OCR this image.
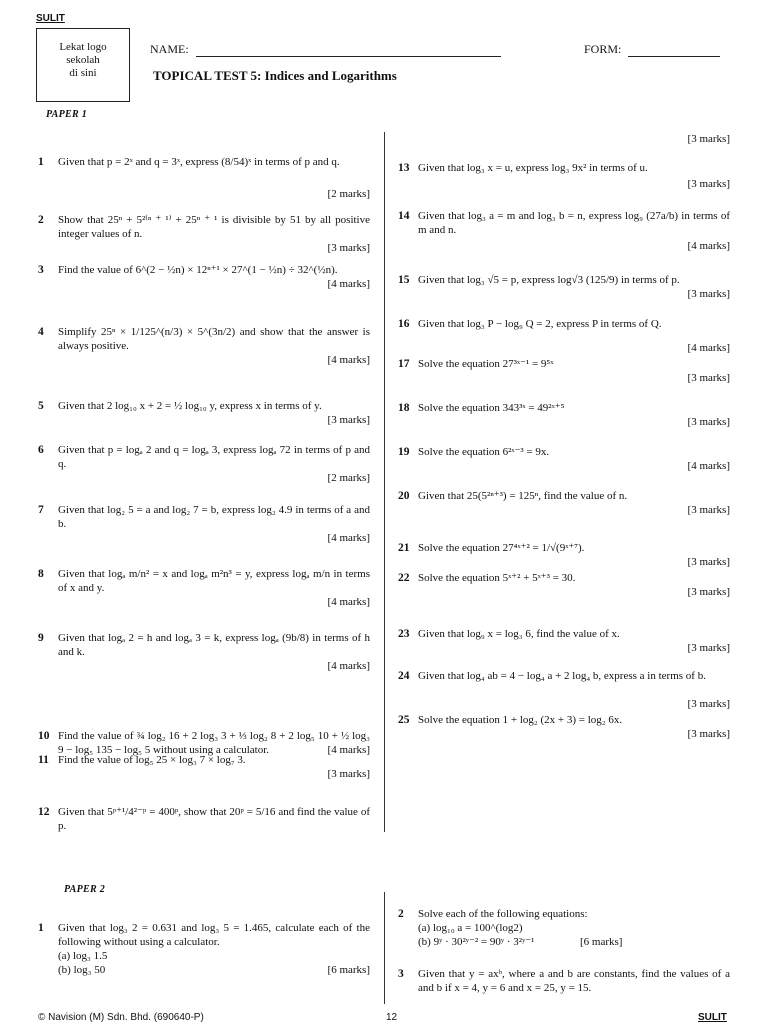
SULIT
Lekat logo
sekolah
di sini
NAME:	FORM:
TOPICAL TEST 5: Indices and Logarithms
PAPER 1
1 Given that p = 2ˣ and q = 3ˣ, express (8/54)ˣ in terms of p and q.
[2 marks]
2 Show that 25ⁿ + 5²⁽ⁿ ⁺ ¹⁾ + 25ⁿ ⁺ ¹ is divisible by 51 by all positive integer values of n.
[3 marks]
3 Find the value of 6^(2 − ½n) × 12ⁿ⁺¹ × 27^(1 − ½n) ÷ 32^(½n).
[4 marks]
4 Simplify 25ⁿ × 1/125^(n/3) × 5^(3n/2) and show that the answer is always positive.
[4 marks]
5 Given that 2 log₁₀ x + 2 = ½ log₁₀ y, express x in terms of y.
[3 marks]
6 Given that p = logₐ 2 and q = logₐ 3, express logₐ 72 in terms of p and q.
[2 marks]
7 Given that log₂ 5 = a and log₂ 7 = b, express log₂ 4.9 in terms of a and b.
[4 marks]
8 Given that logₐ m/n² = x and logₐ m²n³ = y, express logₐ m/n in terms of x and y.
[4 marks]
9 Given that logₐ 2 = h and logₐ 3 = k, express logₐ (9b/8) in terms of h and k.
[4 marks]
10 Find the value of ¾ log₂ 16 + 2 log₃ 3 + ⅓ log₂ 8 + 2 log₅ 10 + ½ log₃ 9 − log₅ 135 − log₅ 5 without using a calculator.	[4 marks]
11 Find the value of log₅ 25 × log₃ 7 × log₇ 3.
[3 marks]
12 Given that 5ᵖ⁺¹/4²⁻ᵖ = 400ᵖ, show that 20ᵖ = 5/16 and find the value of p.
[3 marks]
13 Given that log₃ x = u, express log₃ 9x² in terms of u.
[3 marks]
14 Given that log₃ a = m and log₃ b = n, express log₉ (27a/b) in terms of m and n.
[4 marks]
15 Given that log₃ √5 = p, express log√3 (125/9) in terms of p.
[3 marks]
16 Given that log₃ P − log₉ Q = 2, express P in terms of Q.
[4 marks]
17 Solve the equation 27³ˣ⁻¹ = 9⁵ˣ
[3 marks]
18 Solve the equation 343³ˣ = 49²ˣ⁺⁵
[3 marks]
19 Solve the equation 6²ˣ⁻³ = 9x.
[4 marks]
20 Given that 25(5²ⁿ⁺³) = 125ⁿ, find the value of n.
[3 marks]
21 Solve the equation 27⁴ˣ⁺² = 1/√(9ˣ⁺⁷).
[3 marks]
22 Solve the equation 5ˣ⁺² + 5ˣ⁺³ = 30.
[3 marks]
23 Given that log₉ x = log₃ 6, find the value of x.
[3 marks]
24 Given that log₄ ab = 4 − log₄ a + 2 log₄ b, express a in terms of b.
[3 marks]
25 Solve the equation 1 + log₂ (2x + 3) = log₂ 6x.
[3 marks]
PAPER 2
1 Given that log₃ 2 = 0.631 and log₃ 5 = 1.465, calculate each of the following without using a calculator.
(a) log₃ 1.5
(b) log₃ 50	[6 marks]
2 Solve each of the following equations:
(a) log₁₀ a = 100^(log2)
(b) 9ʸ · 30²ʸ⁻² = 90ʸ · 3²ʸ⁻¹	[6 marks]
3 Given that y = axᵇ, where a and b are constants, find the values of a and b if x = 4, y = 6 and x = 25, y = 15.
© Navision (M) Sdn. Bhd. (690640-P)	12	SULIT
